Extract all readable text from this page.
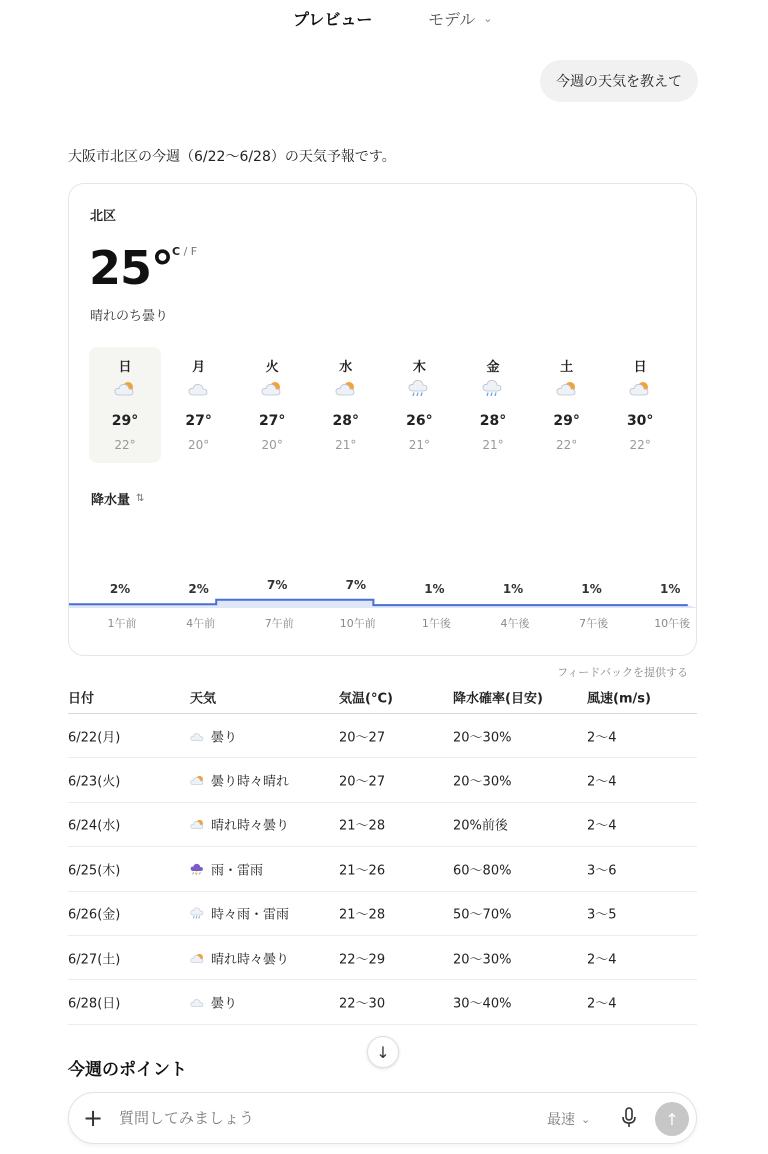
プレビュー	モデル ⌄
今週の天気を教えて
大阪市北区の今週（6/22〜6/28）の天気予報です。
北区
25°
C / F
晴れのち曇り
日
29°
22°
月
27°
20°
火
27°
20°
水
28°
21°
木
26°
21°
金
28°
21°
土
29°
22°
日
30°
22°
降水量 ⇅
2%
1午前
2%
4午前
7%
7午前
7%
10午前
1%
1午後
1%
4午後
1%
7午後
1%
10午後
フィードバックを提供する
日付	天気	気温(°C)	降水確率(目安)	風速(m/s)
6/22(月)	曇り	20〜27	20〜30%	2〜4
6/23(火)	曇り時々晴れ	20〜27	20〜30%	2〜4
6/24(水)	晴れ時々曇り	21〜28	20%前後	2〜4
6/25(木)	雨・雷雨	21〜26	60〜80%	3〜6
6/26(金)	時々雨・雷雨	21〜28	50〜70%	3〜5
6/27(土)	晴れ時々曇り	22〜29	20〜30%	2〜4
6/28(日)	曇り	22〜30	30〜40%	2〜4
今週のポイント
↓
+
質問してみましょう	最速 ⌄	↑
